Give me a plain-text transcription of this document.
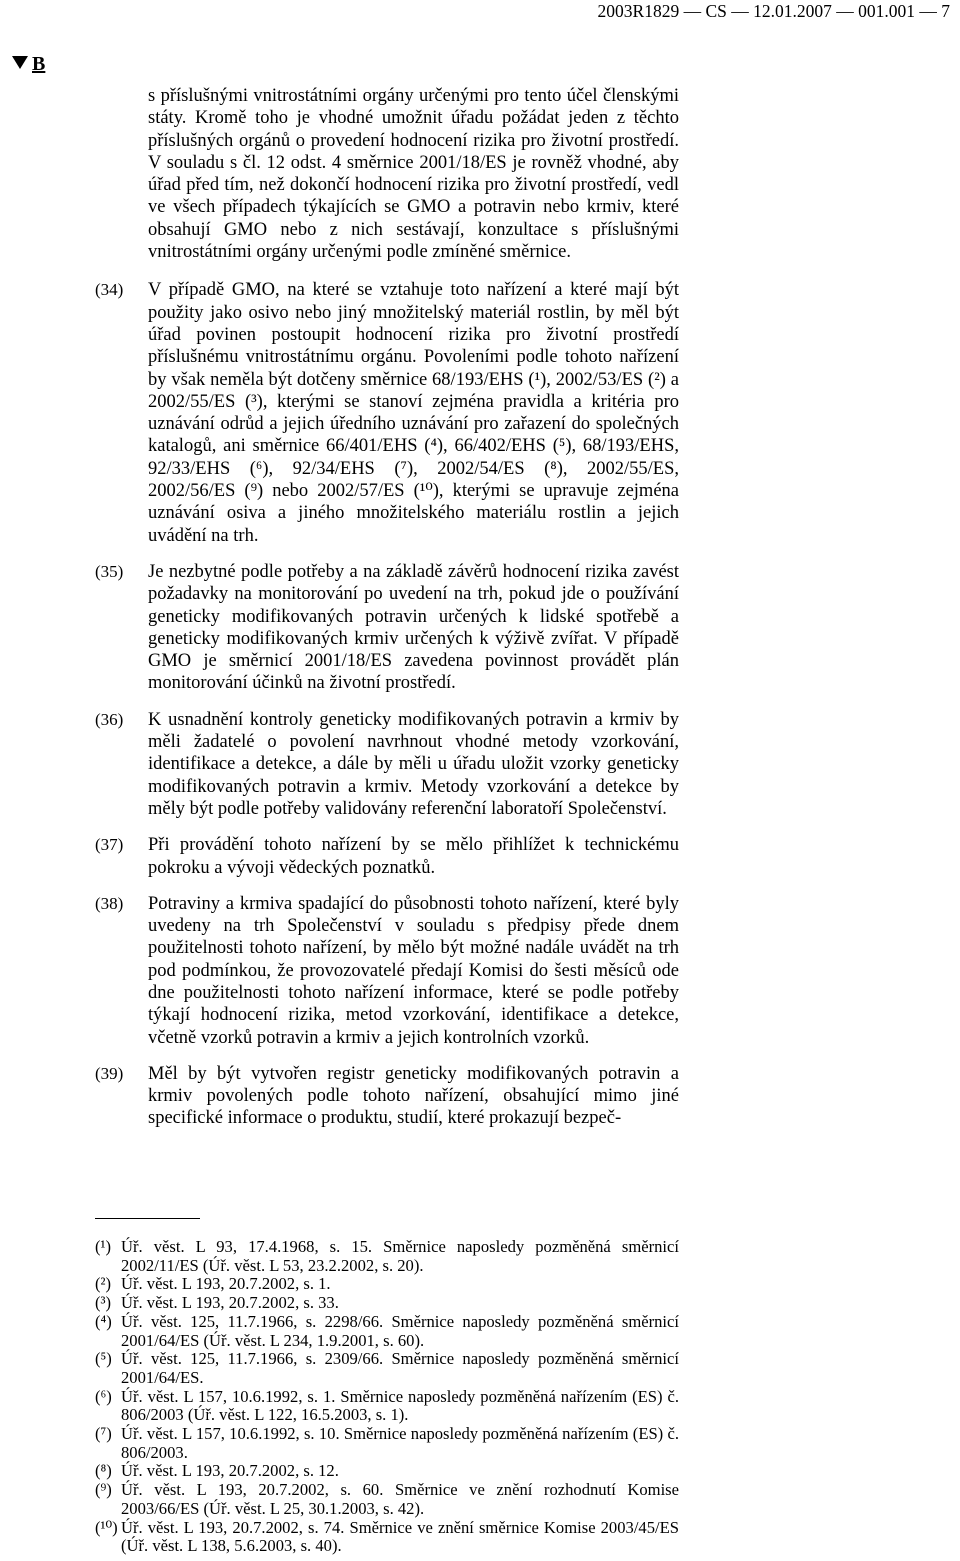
2003R1829 — CS — 12.01.2007 — 001.001 — 7
B
s příslušnými vnitrostátními orgány určenými pro tento účel členskými státy. Kromě toho je vhodné umožnit úřadu požádat jeden z těchto příslušných orgánů o provedení hodnocení rizika pro životní prostředí. V souladu s čl. 12 odst. 4 směrnice 2001/18/ES je rovněž vhodné, aby úřad před tím, než dokončí hodnocení rizika pro životní prostředí, vedl ve všech případech týkajících se GMO a potravin nebo krmiv, které obsahují GMO nebo z nich sestávají, konzultace s příslušnými vnitrostátními orgány určenými podle zmíněné směrnice.
(34) V případě GMO, na které se vztahuje toto nařízení a které mají být použity jako osivo nebo jiný množitelský materiál rostlin, by měl být úřad povinen postoupit hodnocení rizika pro životní prostředí příslušnému vnitrostátnímu orgánu. Povoleními podle tohoto nařízení by však neměla být dotčeny směrnice 68/193/EHS (¹), 2002/53/ES (²) a 2002/55/ES (³), kterými se stanoví zejména pravidla a kritéria pro uznávání odrůd a jejich úředního uznávání pro zařazení do společných katalogů, ani směrnice 66/401/EHS (⁴), 66/402/EHS (⁵), 68/193/EHS, 92/33/EHS (⁶), 92/34/EHS (⁷), 2002/54/ES (⁸), 2002/55/ES, 2002/56/ES (⁹) nebo 2002/57/ES (¹⁰), kterými se upravuje zejména uznávání osiva a jiného množitelského materiálu rostlin a jejich uvádění na trh.
(35) Je nezbytné podle potřeby a na základě závěrů hodnocení rizika zavést požadavky na monitorování po uvedení na trh, pokud jde o používání geneticky modifikovaných potravin určených k lidské spotřebě a geneticky modifikovaných krmiv určených k výživě zvířat. V případě GMO je směrnicí 2001/18/ES zavedena povinnost provádět plán monitorování účinků na životní prostředí.
(36) K usnadnění kontroly geneticky modifikovaných potravin a krmiv by měli žadatelé o povolení navrhnout vhodné metody vzorkování, identifikace a detekce, a dále by měli u úřadu uložit vzorky geneticky modifikovaných potravin a krmiv. Metody vzorkování a detekce by měly být podle potřeby validovány referenční laboratoří Společenství.
(37) Při provádění tohoto nařízení by se mělo přihlížet k technickému pokroku a vývoji vědeckých poznatků.
(38) Potraviny a krmiva spadající do působnosti tohoto nařízení, které byly uvedeny na trh Společenství v souladu s předpisy přede dnem použitelnosti tohoto nařízení, by mělo být možné nadále uvádět na trh pod podmínkou, že provozovatelé předají Komisi do šesti měsíců ode dne použitelnosti tohoto nařízení informace, které se podle potřeby týkají hodnocení rizika, metod vzorkování, identifikace a detekce, včetně vzorků potravin a krmiv a jejich kontrolních vzorků.
(39) Měl by být vytvořen registr geneticky modifikovaných potravin a krmiv povolených podle tohoto nařízení, obsahující mimo jiné specifické informace o produktu, studií, které prokazují bezpeč-
(¹) Úř. věst. L 93, 17.4.1968, s. 15. Směrnice naposledy pozměněná směrnicí 2002/11/ES (Úř. věst. L 53, 23.2.2002, s. 20).
(²) Úř. věst. L 193, 20.7.2002, s. 1.
(³) Úř. věst. L 193, 20.7.2002, s. 33.
(⁴) Úř. věst. 125, 11.7.1966, s. 2298/66. Směrnice naposledy pozměněná směrnicí 2001/64/ES (Úř. věst. L 234, 1.9.2001, s. 60).
(⁵) Úř. věst. 125, 11.7.1966, s. 2309/66. Směrnice naposledy pozměněná směrnicí 2001/64/ES.
(⁶) Úř. věst. L 157, 10.6.1992, s. 1. Směrnice naposledy pozměněná nařízením (ES) č. 806/2003 (Úř. věst. L 122, 16.5.2003, s. 1).
(⁷) Úř. věst. L 157, 10.6.1992, s. 10. Směrnice naposledy pozměněná nařízením (ES) č. 806/2003.
(⁸) Úř. věst. L 193, 20.7.2002, s. 12.
(⁹) Úř. věst. L 193, 20.7.2002, s. 60. Směrnice ve znění rozhodnutí Komise 2003/66/ES (Úř. věst. L 25, 30.1.2003, s. 42).
(¹⁰) Úř. věst. L 193, 20.7.2002, s. 74. Směrnice ve znění směrnice Komise 2003/45/ES (Úř. věst. L 138, 5.6.2003, s. 40).
